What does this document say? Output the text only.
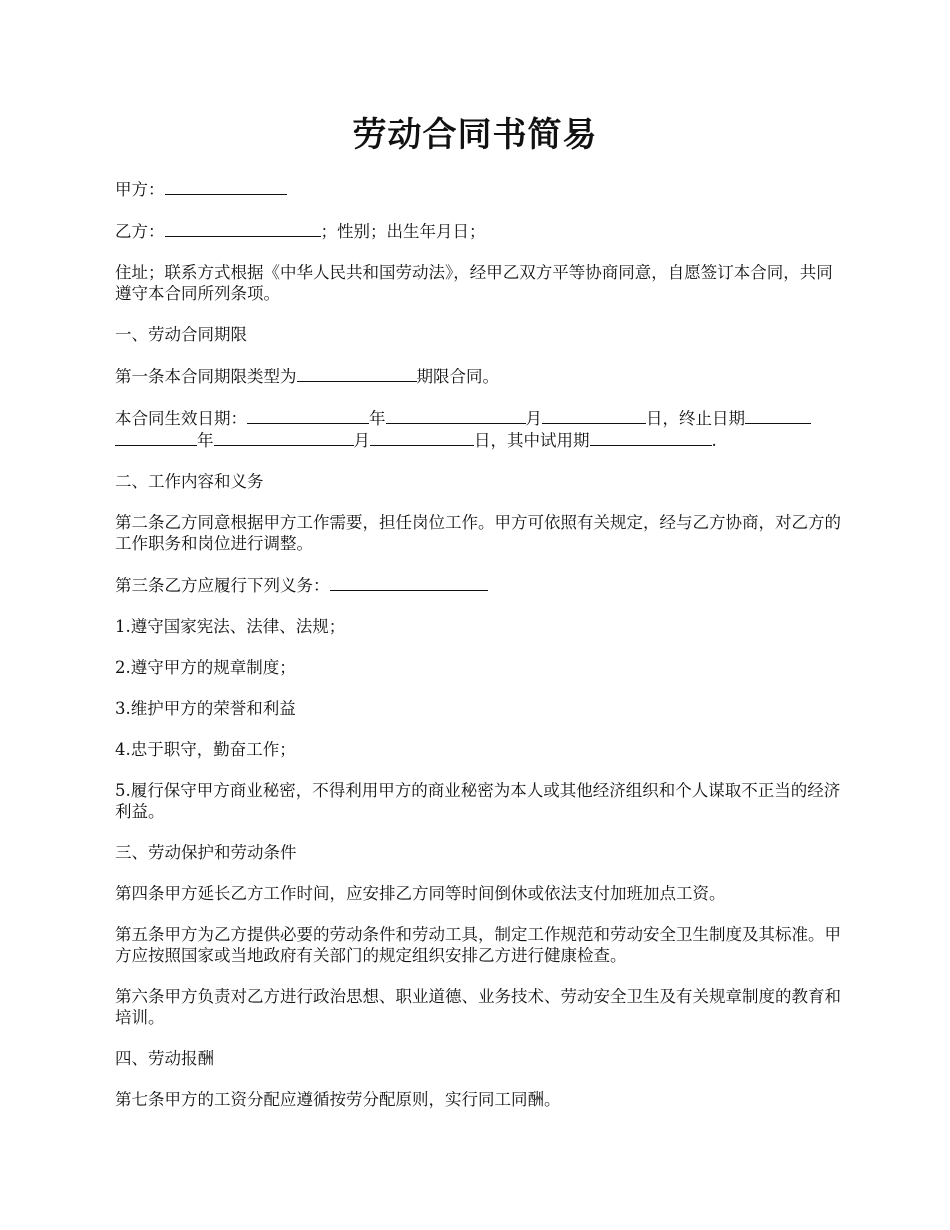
劳动合同书简易
甲方：
乙方：	；性别；出生年月日；
住址；联系方式根据《中华人民共和国劳动法》，经甲乙双方平等协商同意，自愿签订本合同，共同遵守本合同所列条项。
一、劳动合同期限
第一条本合同期限类型为	期限合同。
本合同生效日期：	年	月	日，终止日期
年	月	日，其中试用期	.
二、工作内容和义务
第二条乙方同意根据甲方工作需要，担任岗位工作。甲方可依照有关规定，经与乙方协商，对乙方的工作职务和岗位进行调整。
第三条乙方应履行下列义务：
1.遵守国家宪法、法律、法规；
2.遵守甲方的规章制度；
3.维护甲方的荣誉和利益
4.忠于职守，勤奋工作；
5.履行保守甲方商业秘密，不得利用甲方的商业秘密为本人或其他经济组织和个人谋取不正当的经济利益。
三、劳动保护和劳动条件
第四条甲方延长乙方工作时间，应安排乙方同等时间倒休或依法支付加班加点工资。
第五条甲方为乙方提供必要的劳动条件和劳动工具，制定工作规范和劳动安全卫生制度及其标准。甲方应按照国家或当地政府有关部门的规定组织安排乙方进行健康检查。
第六条甲方负责对乙方进行政治思想、职业道德、业务技术、劳动安全卫生及有关规章制度的教育和培训。
四、劳动报酬
第七条甲方的工资分配应遵循按劳分配原则，实行同工同酬。
